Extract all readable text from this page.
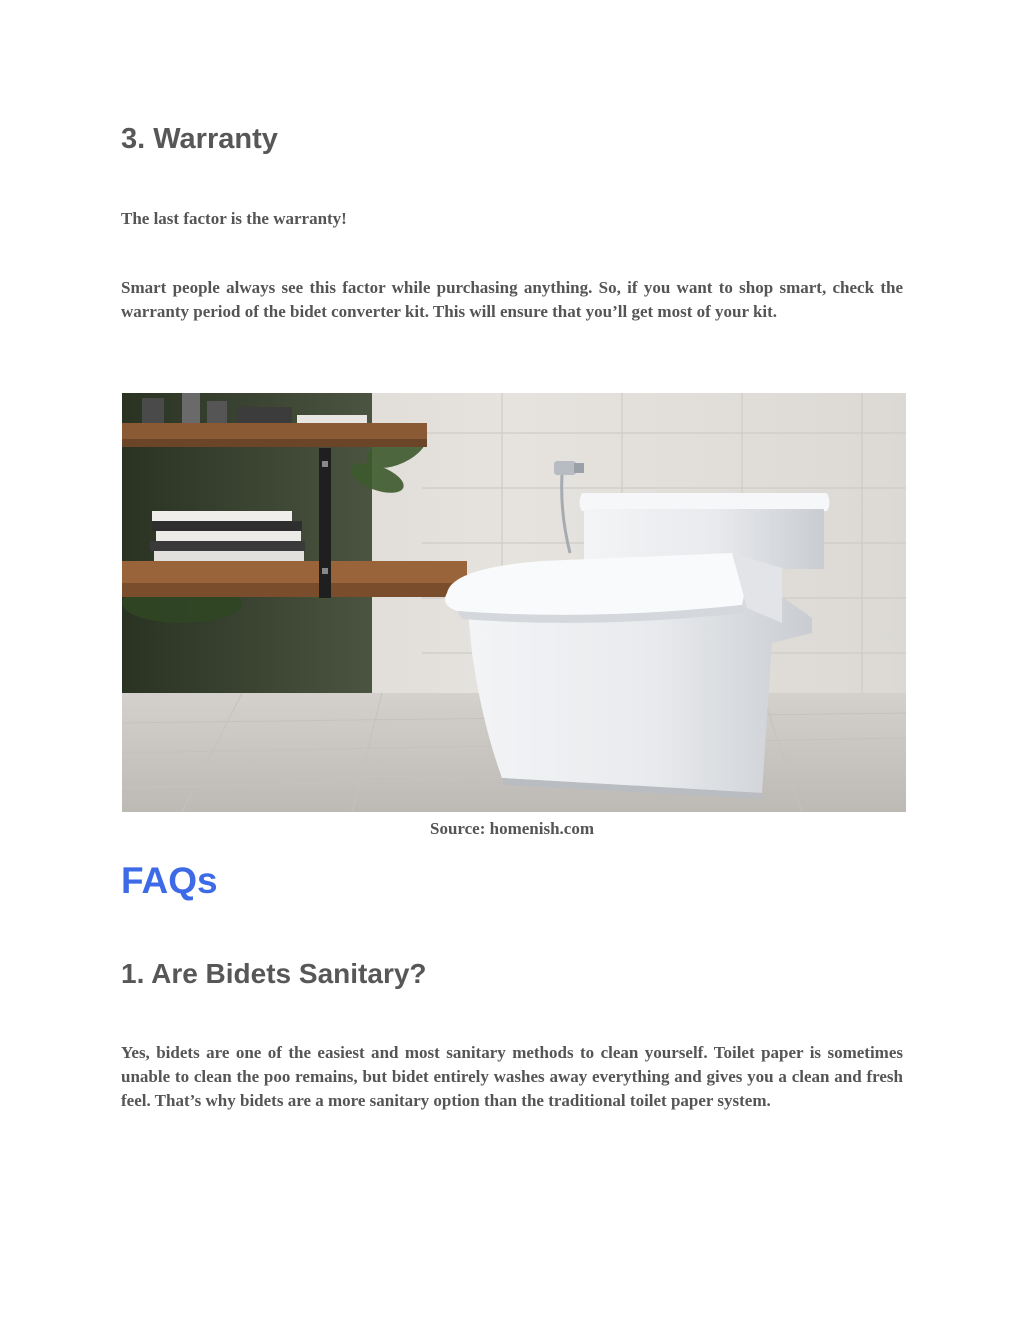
3. Warranty

The last factor is the warranty!

Smart people always see this factor while purchasing anything. So, if you want to shop smart, check the warranty period of the bidet converter kit. This will ensure that you’ll get most of your kit.

Source: homenish.com

FAQs
1. Are Bidets Sanitary?

Yes, bidets are one of the easiest and most sanitary methods to clean yourself. Toilet paper is sometimes unable to clean the poo remains, but bidet entirely washes away everything and gives you a clean and fresh feel. That’s why bidets are a more sanitary option than the traditional toilet paper system.
